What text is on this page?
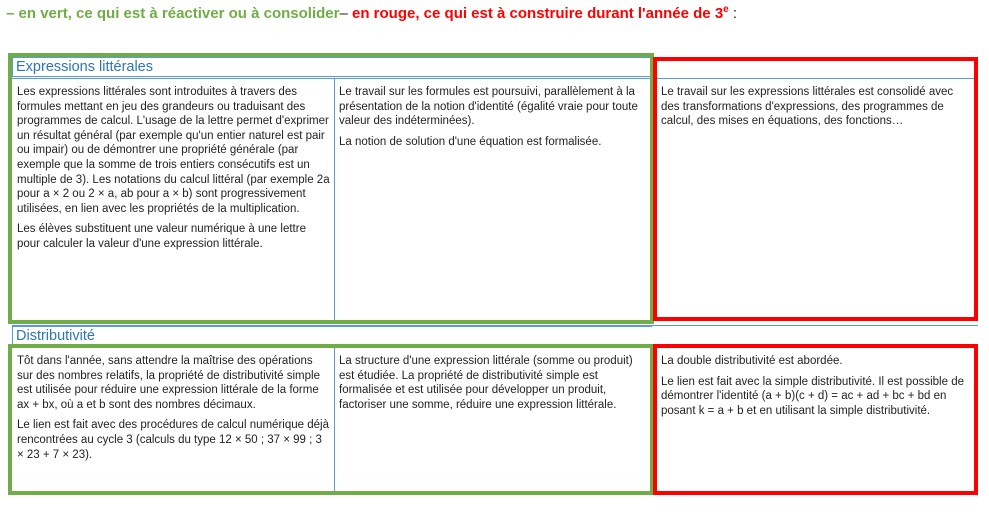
– en vert, ce qui est à réactiver ou à consolider– en rouge, ce qui est à construire durant l'année de 3e :
Expressions littérales

Les expressions littérales sont introduites à travers des formules mettant en jeu des grandeurs ou traduisant des programmes de calcul. L'usage de la lettre permet d'exprimer un résultat général (par exemple qu'un entier naturel est pair ou impair) ou de démontrer une propriété générale (par exemple que la somme de trois entiers consécutifs est un multiple de 3). Les notations du calcul littéral (par exemple 2a pour a × 2 ou 2 × a, ab pour a × b) sont progressivement utilisées, en lien avec les propriétés de la multiplication.

Les élèves substituent une valeur numérique à une lettre pour calculer la valeur d'une expression littérale.

Le travail sur les formules est poursuivi, parallèlement à la présentation de la notion d'identité (égalité vraie pour toute valeur des indéterminées).

La notion de solution d'une équation est formalisée.

Le travail sur les expressions littérales est consolidé avec des transformations d'expressions, des programmes de calcul, des mises en équations, des fonctions…

Distributivité

Tôt dans l'année, sans attendre la maîtrise des opérations sur des nombres relatifs, la propriété de distributivité simple est utilisée pour réduire une expression littérale de la forme ax + bx, où a et b sont des nombres décimaux.

Le lien est fait avec des procédures de calcul numérique déjà rencontrées au cycle 3 (calculs du type 12 × 50 ; 37 × 99 ; 3 × 23 + 7 × 23).

La structure d'une expression littérale (somme ou produit) est étudiée. La propriété de distributivité simple est formalisée et est utilisée pour développer un produit, factoriser une somme, réduire une expression littérale.

La double distributivité est abordée.

Le lien est fait avec la simple distributivité. Il est possible de démontrer l'identité (a + b)(c + d) = ac + ad + bc + bd en posant k = a + b et en utilisant la simple distributivité.
